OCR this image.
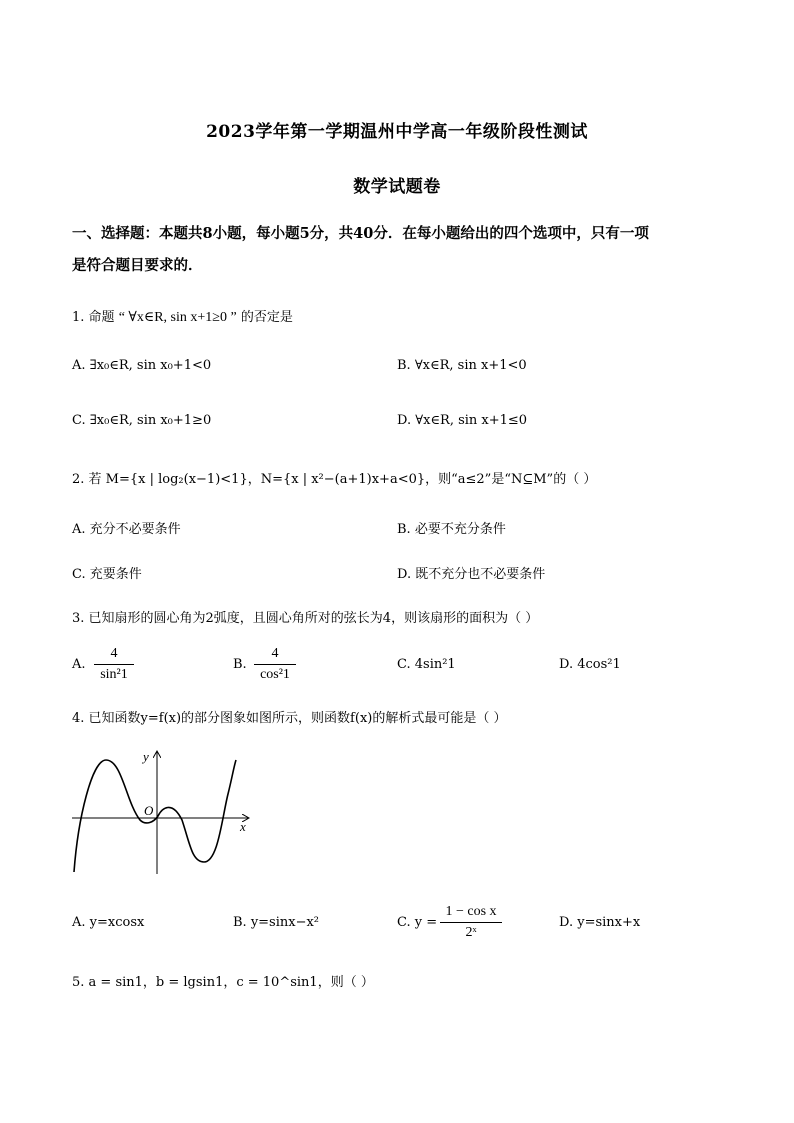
2023学年第一学期温州中学高一年级阶段性测试
数学试题卷
一、选择题：本题共8小题，每小题5分，共40分．在每小题给出的四个选项中，只有一项
是符合题目要求的．
1. 命题 “ ∀x∈R, sin x+1≥0 ” 的否定是
A. ∃x₀∈R, sin x₀+1<0	B. ∀x∈R, sin x+1<0
C. ∃x₀∈R, sin x₀+1≥0	D. ∀x∈R, sin x+1≤0
2. 若 M={x | log₂(x−1)<1}，N={x | x²−(a+1)x+a<0}，则“a≤2”是“N⊆M”的（ ）
A. 充分不必要条件	B. 必要不充分条件
C. 充要条件	D. 既不充分也不必要条件
3. 已知扇形的圆心角为2弧度，且圆心角所对的弦长为4，则该扇形的面积为（ ）
A.
4
sin²1
B.
4
cos²1
C. 4sin²1	D. 4cos²1
4. 已知函数y=f(x)的部分图象如图所示，则函数f(x)的解析式最可能是（ ）
y
x
O
A. y=xcosx	B. y=sinx−x²	C. y =
1 − cos x
2ˣ
D. y=sinx+x
5. a = sin1，b = lgsin1，c = 10^sin1，则（ ）
